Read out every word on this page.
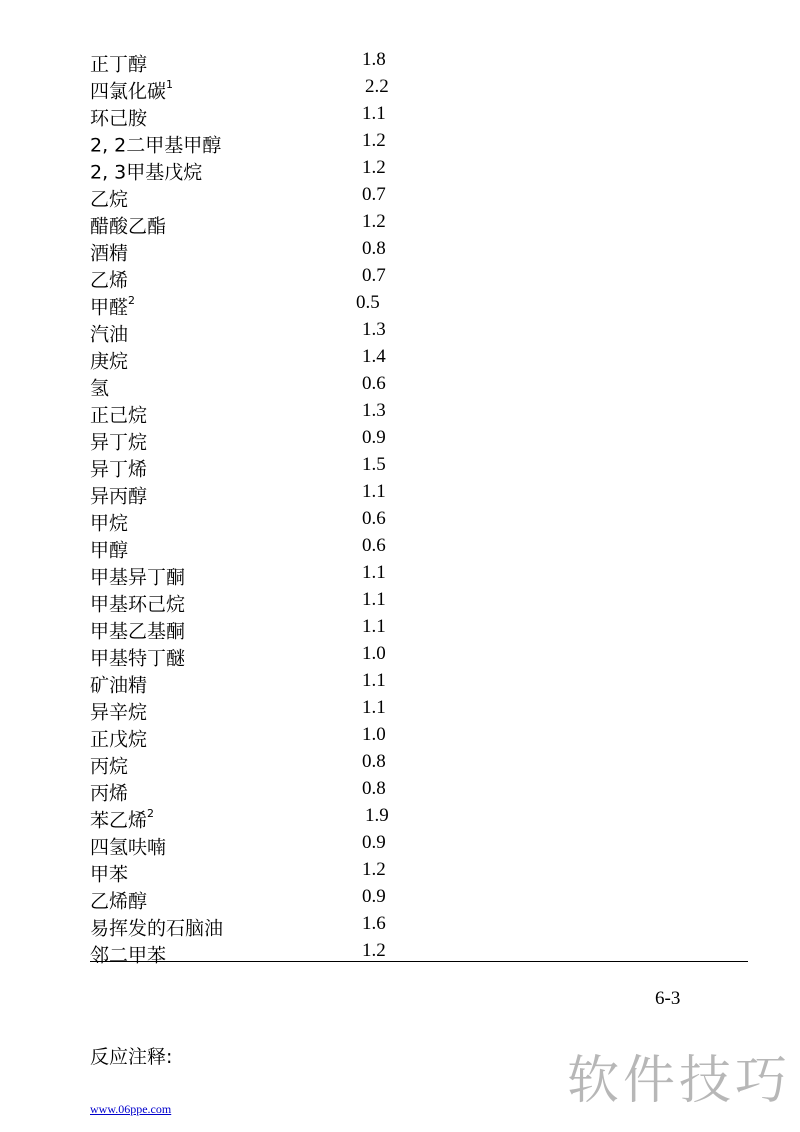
正丁醇	1.8
四氯化碳$^1$	2.2
环己胺	1.1
2, 2二甲基甲醇	1.2
2, 3甲基戊烷	1.2
乙烷	0.7
醋酸乙酯	1.2
酒精	0.8
乙烯	0.7
甲醛$^2$	0.5
汽油	1.3
庚烷	1.4
氢	0.6
正己烷	1.3
异丁烷	0.9
异丁烯	1.5
异丙醇	1.1
甲烷	0.6
甲醇	0.6
甲基异丁酮	1.1
甲基环己烷	1.1
甲基乙基酮	1.1
甲基特丁醚	1.0
矿油精	1.1
异辛烷	1.1
正戊烷	1.0
丙烷	0.8
丙烯	0.8
苯乙烯$^2$	1.9
四氢呋喃	0.9
甲苯	1.2
乙烯醇	0.9
易挥发的石脑油	1.6
邻二甲苯	1.2
6-3
反应注释:
www.06ppe.com	软件技巧
